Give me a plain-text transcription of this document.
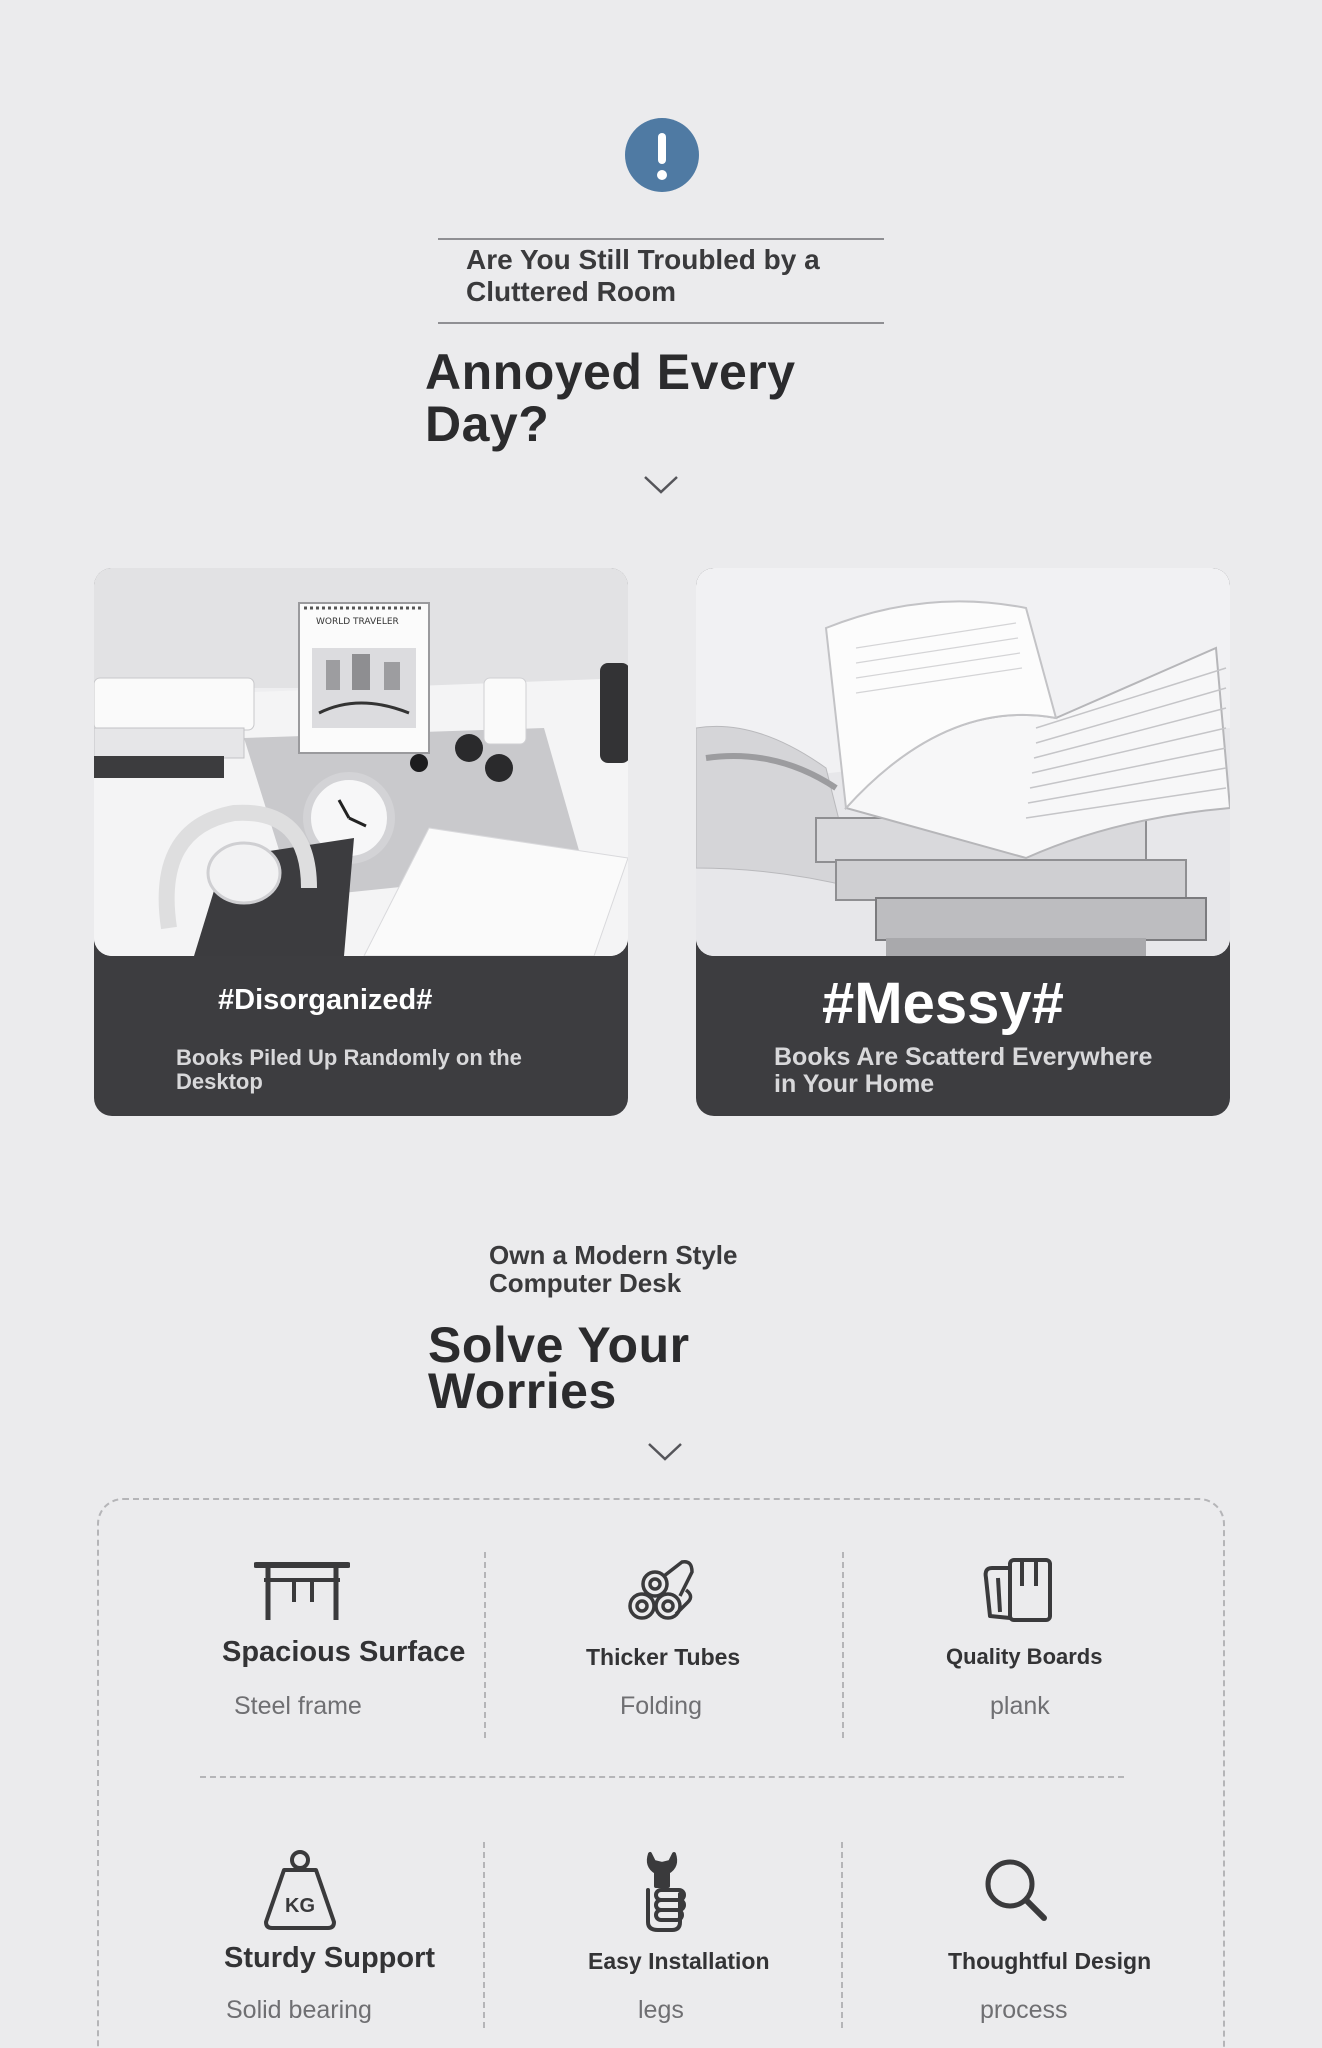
Are You Still Troubled by a
Cluttered Room
Annoyed Every
Day?
WORLD TRAVELER
#Disorganized#
Books Piled Up Randomly on the
Desktop
#Messy#
Books Are Scatterd Everywhere
in Your Home
Own a Modern Style
Computer Desk
Solve Your
Worries
Spacious Surface
Steel frame
Thicker Tubes
Folding
Quality Boards
plank
KG
Sturdy Support
Solid bearing
Easy Installation
legs
Thoughtful Design
process
